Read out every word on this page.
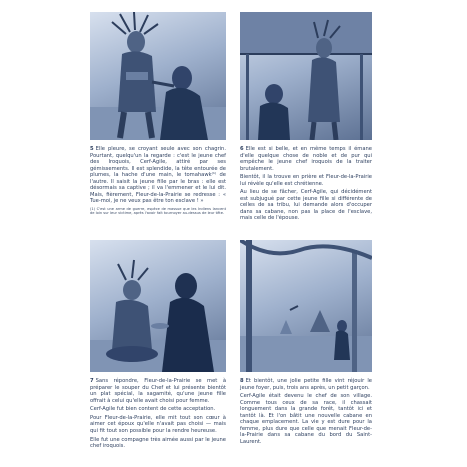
5 Elle pleure, se croyant seule avec son chagrin. Pourtant, quelqu'un la regarde : c'est le jeune chef des Iroquois, Cerf-Agile, attiré par ses gémissements. Il est splendide, la tête entourée de plumes, la hache d'une main, le tomahawk⁽¹⁾ de l'autre. Il saisit la jeune fille par le bras : elle est désormais sa captive ; il va l'emmener et le lui dit. Mais, fièrement, Fleur-de-la-Prairie se redresse : « Tue-moi, je ne veux pas être ton esclave ! »

(1) C'est une arme de guerre, espèce de massue que les Indiens lancent de loin sur leur victime, après l'avoir fait tournoyer au-dessus de leur tête.

6 Elle est si belle, et en même temps il émane d'elle quelque chose de noble et de pur qui empêche le jeune chef iroquois de la traiter brutalement.

Bientôt, il la trouve en prière et Fleur-de-la-Prairie lui révèle qu'elle est chrétienne.

Au lieu de se fâcher, Cerf-Agile, qui décidément est subjugué par cette jeune fille si différente de celles de sa tribu, lui demande alors d'occuper dans sa cabane, non pas la place de l'esclave, mais celle de l'épouse.

7 Sans répondre, Fleur-de-la-Prairie se met à préparer le souper du Chef et lui présente bientôt un plat spécial, la sagamité, qu'une jeune fille offrait à celui qu'elle avait choisi pour femme.

Cerf-Agile fut bien content de cette acceptation.

Pour Fleur-de-la-Prairie, elle mit tout son cœur à aimer cet époux qu'elle n'avait pas choisi — mais qui fit tout son possible pour la rendre heureuse.

Elle fut une compagne très aimée aussi par le jeune chef iroquois.

8 Et bientôt, une jolie petite fille vint réjouir le jeune foyer, puis, trois ans après, un petit garçon.

Cerf-Agile était devenu le chef de son village. Comme tous ceux de sa race, il chassait longuement dans la grande forêt, tantôt ici et tantôt là. Et l'on bâtit une nouvelle cabane en chaque emplacement. La vie y est dure pour la femme, plus dure que celle que menait Fleur-de-la-Prairie dans sa cabane du bord du Saint-Laurent.
